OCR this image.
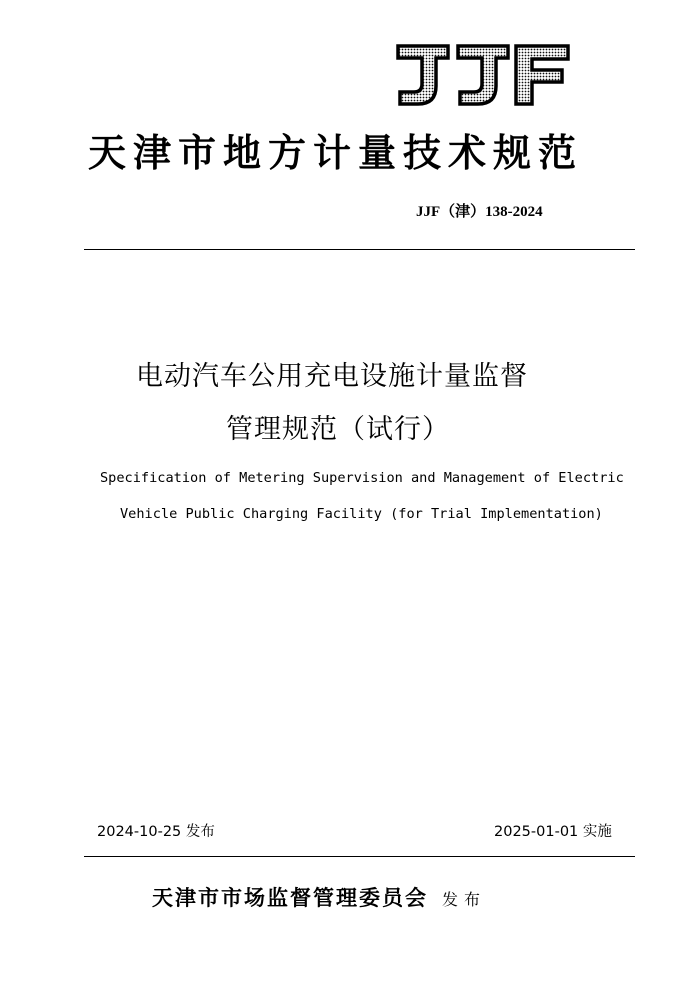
天津市地方计量技术规范
JJF（津）138-2024
电动汽车公用充电设施计量监督
管理规范（试行）
Specification of Metering Supervision and Management of Electric
Vehicle Public Charging Facility (for Trial Implementation)
2024-10-25 发布	2025-01-01 实施
天津市市场监督管理委员会 发布
